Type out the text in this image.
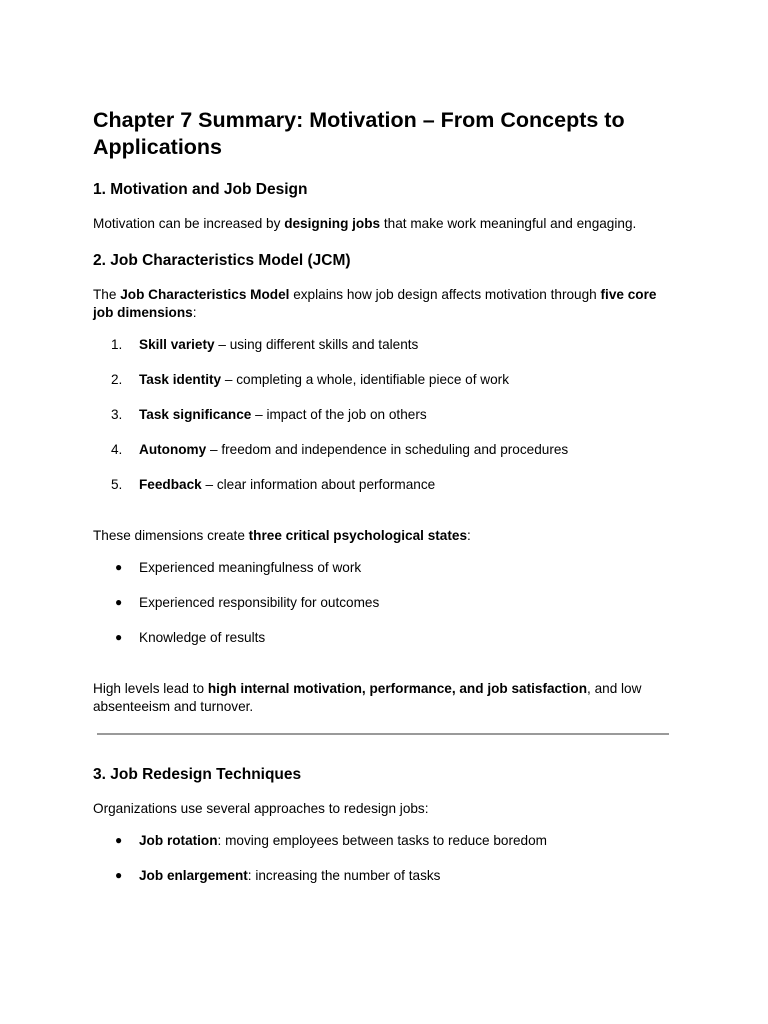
Chapter 7 Summary: Motivation – From Concepts to Applications
1. Motivation and Job Design

Motivation can be increased by designing jobs that make work meaningful and engaging.

2. Job Characteristics Model (JCM)

The Job Characteristics Model explains how job design affects motivation through five core job dimensions:

1.	Skill variety – using different skills and talents
2.	Task identity – completing a whole, identifiable piece of work
3.	Task significance – impact of the job on others
4.	Autonomy – freedom and independence in scheduling and procedures
5.	Feedback – clear information about performance

These dimensions create three critical psychological states:

● Experienced meaningfulness of work
● Experienced responsibility for outcomes
● Knowledge of results

High levels lead to high internal motivation, performance, and job satisfaction, and low absenteeism and turnover.

3. Job Redesign Techniques

Organizations use several approaches to redesign jobs:

● Job rotation: moving employees between tasks to reduce boredom
● Job enlargement: increasing the number of tasks
